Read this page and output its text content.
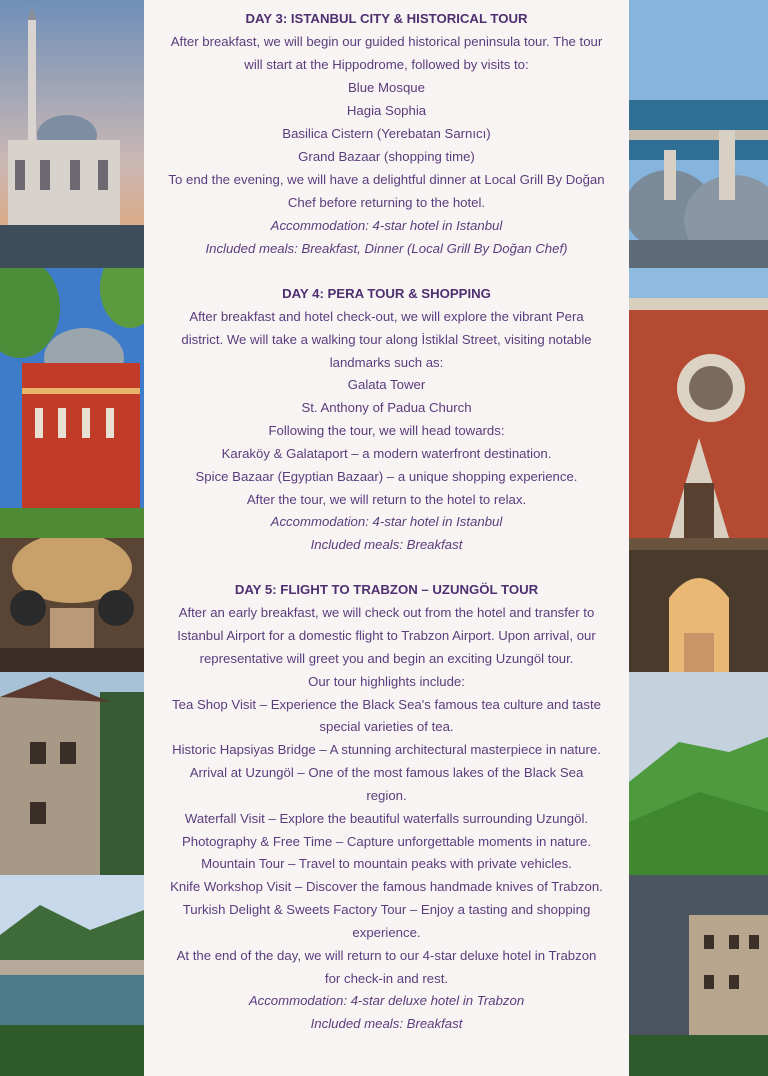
DAY 3: ISTANBUL CITY & HISTORICAL TOUR
After breakfast, we will begin our guided historical peninsula tour. The tour
will start at the Hippodrome, followed by visits to:
Blue Mosque
Hagia Sophia
Basilica Cistern (Yerebatan Sarnıcı)
Grand Bazaar (shopping time)
To end the evening, we will have a delightful dinner at Local Grill By Doğan
Chef before returning to the hotel.
Accommodation: 4-star hotel in Istanbul
Included meals: Breakfast, Dinner (Local Grill By Doğan Chef)
DAY 4: PERA TOUR & SHOPPING
After breakfast and hotel check-out, we will explore the vibrant Pera
district. We will take a walking tour along İstiklal Street, visiting notable
landmarks such as:
Galata Tower
St. Anthony of Padua Church
Following the tour, we will head towards:
Karaköy & Galataport – a modern waterfront destination.
Spice Bazaar (Egyptian Bazaar) – a unique shopping experience.
After the tour, we will return to the hotel to relax.
Accommodation: 4-star hotel in Istanbul
Included meals: Breakfast
DAY 5: FLIGHT TO TRABZON – UZUNGÖL TOUR
After an early breakfast, we will check out from the hotel and transfer to
Istanbul Airport for a domestic flight to Trabzon Airport. Upon arrival, our
representative will greet you and begin an exciting Uzungöl tour.
Our tour highlights include:
Tea Shop Visit – Experience the Black Sea's famous tea culture and taste
special varieties of tea.
Historic Hapsiyas Bridge – A stunning architectural masterpiece in nature.
Arrival at Uzungöl – One of the most famous lakes of the Black Sea
region.
Waterfall Visit – Explore the beautiful waterfalls surrounding Uzungöl.
Photography & Free Time – Capture unforgettable moments in nature.
Mountain Tour – Travel to mountain peaks with private vehicles.
Knife Workshop Visit – Discover the famous handmade knives of Trabzon.
Turkish Delight & Sweets Factory Tour – Enjoy a tasting and shopping
experience.
At the end of the day, we will return to our 4-star deluxe hotel in Trabzon
for check-in and rest.
Accommodation: 4-star deluxe hotel in Trabzon
Included meals: Breakfast
